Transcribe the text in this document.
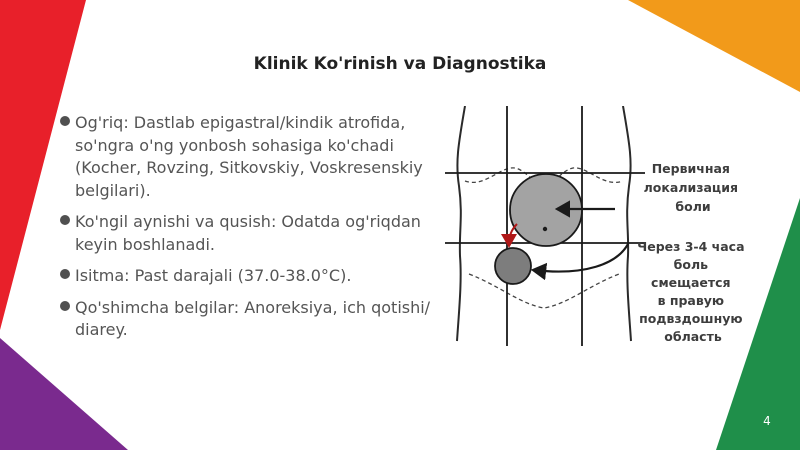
Klinik Ko'rinish va Diagnostika
Og'riq: Dastlab epigastral/kindik atrofida, so'ngra o'ng yonbosh sohasiga ko'chadi (Kocher, Rovzing, Sitkovskiy, Voskresenskiy belgilari).
Ko'ngil aynishi va qusish: Odatda og'riqdan keyin boshlanadi.
Isitma: Past darajali (37.0-38.0°C).
Qo'shimcha belgilar: Anoreksiya, ich qotishi/ diarey.
Первичная локализация боли
Через 3-4 часа боль смещается в правую подвздошную область
4
